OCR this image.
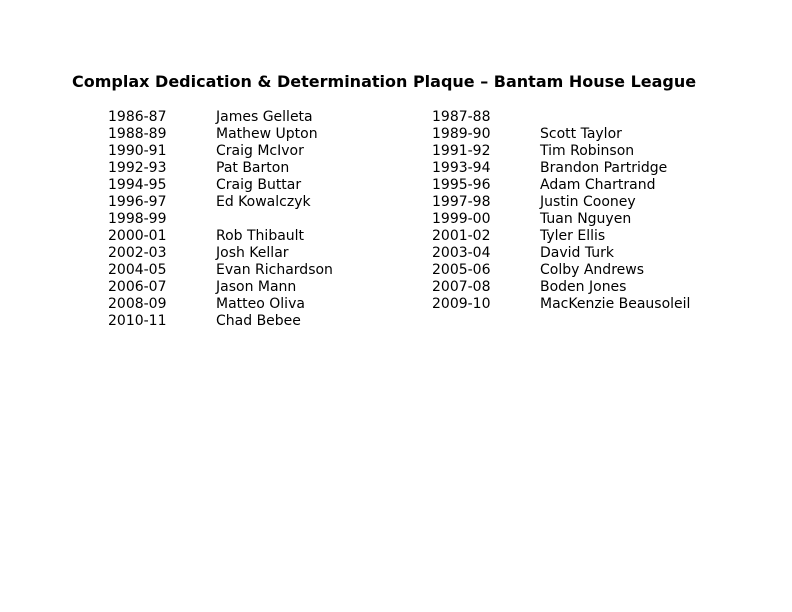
Complax Dedication & Determination Plaque – Bantam House League
1986-87	James Gelleta
1988-89	Mathew Upton
1990-91	Craig McIvor
1992-93	Pat Barton
1994-95	Craig Buttar
1996-97	Ed Kowalczyk
1998-99
2000-01	Rob Thibault
2002-03	Josh Kellar
2004-05	Evan Richardson
2006-07	Jason Mann
2008-09	Matteo Oliva
2010-11	Chad Bebee
1987-88
1989-90	Scott Taylor
1991-92	Tim Robinson
1993-94	Brandon Partridge
1995-96	Adam Chartrand
1997-98	Justin Cooney
1999-00	Tuan Nguyen
2001-02	Tyler Ellis
2003-04	David Turk
2005-06	Colby Andrews
2007-08	Boden Jones
2009-10	MacKenzie Beausoleil
